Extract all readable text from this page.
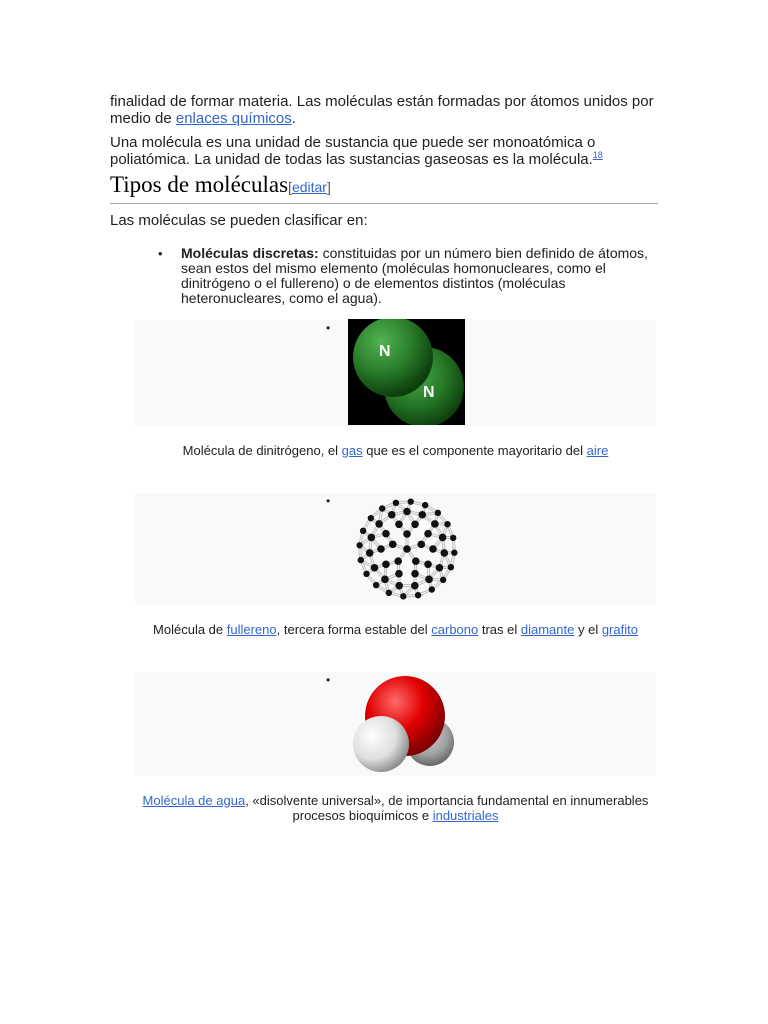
finalidad de formar materia. Las moléculas están formadas por átomos unidos por medio de enlaces químicos.

Una molécula es una unidad de sustancia que puede ser monoatómica o poliatómica. La unidad de todas las sustancias gaseosas es la molécula.$^{18}$

Tipos de moléculas[editar]
Las moléculas se pueden clasificar en:
• Moléculas discretas: constituidas por un número bien definido de átomos, sean estos del mismo elemento (moléculas homonucleares, como el dinitrógeno o el fullereno) o de elementos distintos (moléculas heteronucleares, como el agua).
•
N
N
Molécula de dinitrógeno, el gas que es el componente mayoritario del aire
•
Molécula de fullereno, tercera forma estable del carbono tras el diamante y el grafito
•
Molécula de agua, «disolvente universal», de importancia fundamental en innumerables procesos bioquímicos e industriales
